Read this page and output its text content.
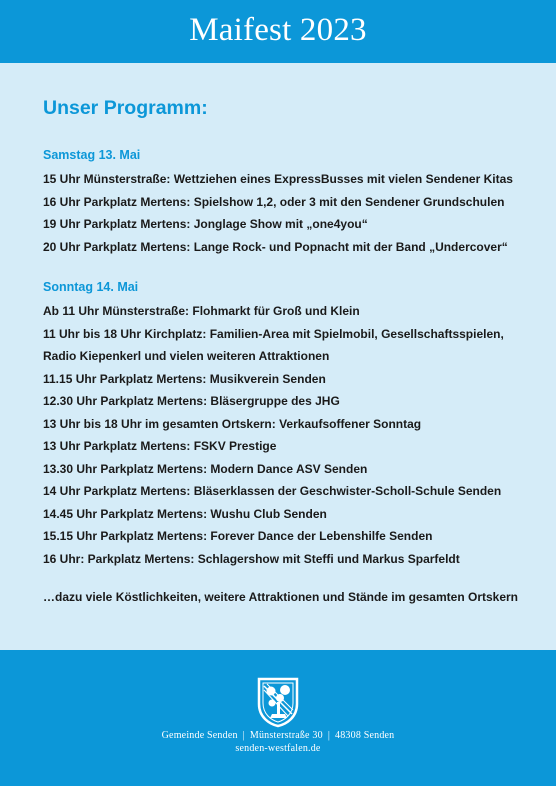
Maifest 2023
Unser Programm:
Samstag 13. Mai
15 Uhr Münsterstraße: Wettziehen eines ExpressBusses mit vielen Sendener Kitas
16 Uhr Parkplatz Mertens: Spielshow 1,2, oder 3 mit den Sendener Grundschulen
19 Uhr Parkplatz Mertens: Jonglage Show mit „one4you“
20 Uhr Parkplatz Mertens: Lange Rock- und Popnacht mit der Band „Undercover“
Sonntag 14. Mai
Ab 11 Uhr Münsterstraße: Flohmarkt für Groß und Klein
11 Uhr bis 18 Uhr Kirchplatz: Familien-Area mit Spielmobil, Gesellschaftsspielen,
Radio Kiepenkerl und vielen weiteren Attraktionen
11.15 Uhr Parkplatz Mertens: Musikverein Senden
12.30 Uhr Parkplatz Mertens: Bläsergruppe des JHG
13 Uhr bis 18 Uhr im gesamten Ortskern: Verkaufsoffener Sonntag
13 Uhr Parkplatz Mertens: FSKV Prestige
13.30 Uhr Parkplatz Mertens: Modern Dance ASV Senden
14 Uhr Parkplatz Mertens: Bläserklassen der Geschwister-Scholl-Schule Senden
14.45 Uhr Parkplatz Mertens: Wushu Club Senden
15.15 Uhr Parkplatz Mertens: Forever Dance der Lebenshilfe Senden
16 Uhr: Parkplatz Mertens: Schlagershow mit Steffi und Markus Sparfeldt
…dazu viele Köstlichkeiten, weitere Attraktionen und Stände im gesamten Ortskern
Gemeinde Senden | Münsterstraße 30 | 48308 Senden
senden-westfalen.de
